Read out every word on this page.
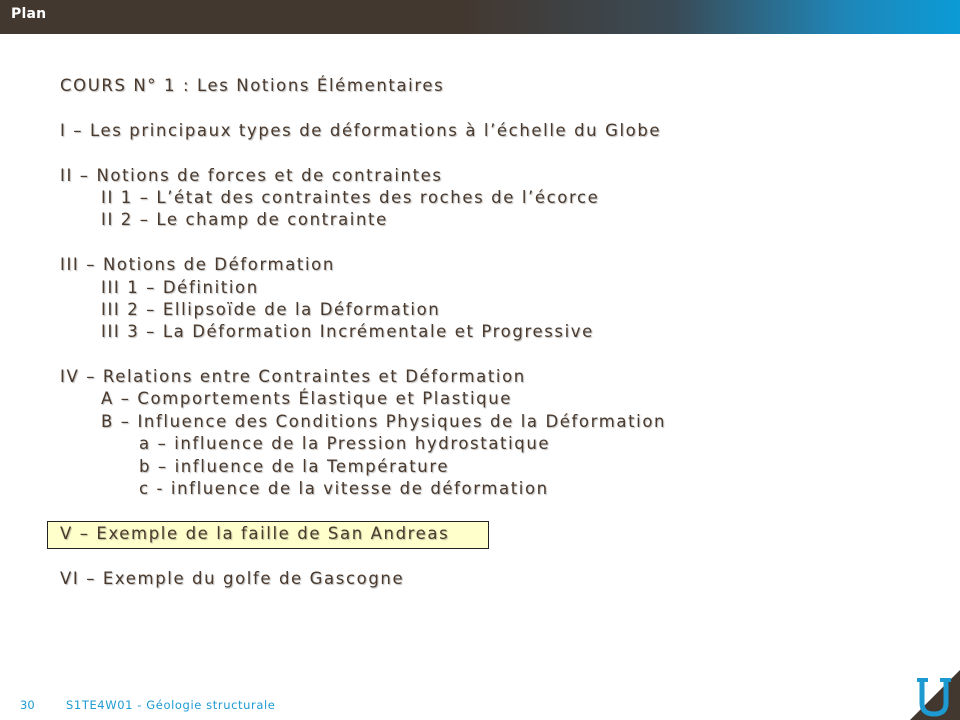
Plan
COURS N° 1 : Les Notions Élémentaires
I – Les principaux types de déformations à l’échelle du Globe
II – Notions de forces et de contraintes
II 1 – L’état des contraintes des roches de l’écorce
II 2 – Le champ de contrainte
III – Notions de Déformation
III 1 – Définition
III 2 – Ellipsoïde de la Déformation
III 3 – La Déformation Incrémentale et Progressive
IV – Relations entre Contraintes et Déformation
A – Comportements Élastique et Plastique
B – Influence des Conditions Physiques de la Déformation
a – influence de la Pression hydrostatique
b – influence de la Température
c - influence de la vitesse de déformation
V – Exemple de la faille de San Andreas
VI – Exemple du golfe de Gascogne
30	S1TE4W01 - Géologie structurale
